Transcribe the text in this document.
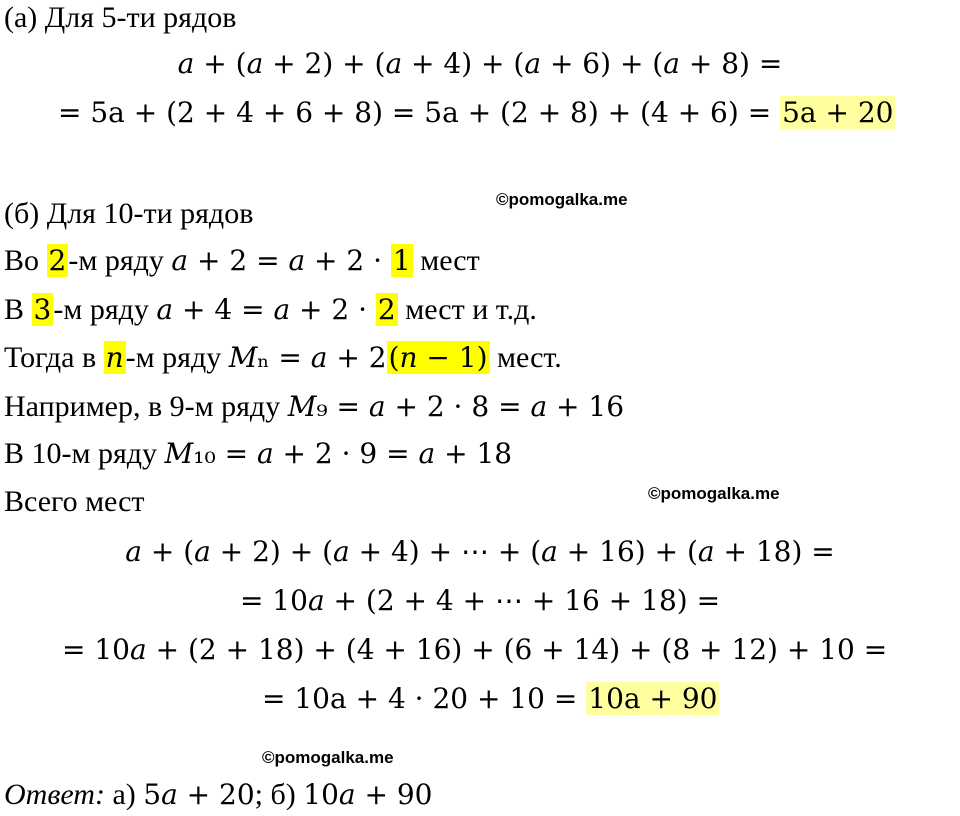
(а) Для 5-ти рядов
a + (a + 2) + (a + 4) + (a + 6) + (a + 8) =
= 5a + (2 + 4 + 6 + 8) = 5a + (2 + 8) + (4 + 6) = 5a + 20
©pomogalka.me
(б) Для 10-ти рядов
Во 2-м ряду a + 2 = a + 2 · 1 мест
В 3-м ряду a + 4 = a + 2 · 2 мест и т.д.
Тогда в n-м ряду Mₙ = a + 2(n − 1) мест.
Например, в 9-м ряду M₉ = a + 2 · 8 = a + 16
В 10-м ряду M₁₀ = a + 2 · 9 = a + 18
Всего мест	©pomogalka.me
a + (a + 2) + (a + 4) + ⋯ + (a + 16) + (a + 18) =
= 10a + (2 + 4 + ⋯ + 16 + 18) =
= 10a + (2 + 18) + (4 + 16) + (6 + 14) + (8 + 12) + 10 =
= 10a + 4 · 20 + 10 = 10a + 90
©pomogalka.me
Ответ: а) 5a + 20; б) 10a + 90
